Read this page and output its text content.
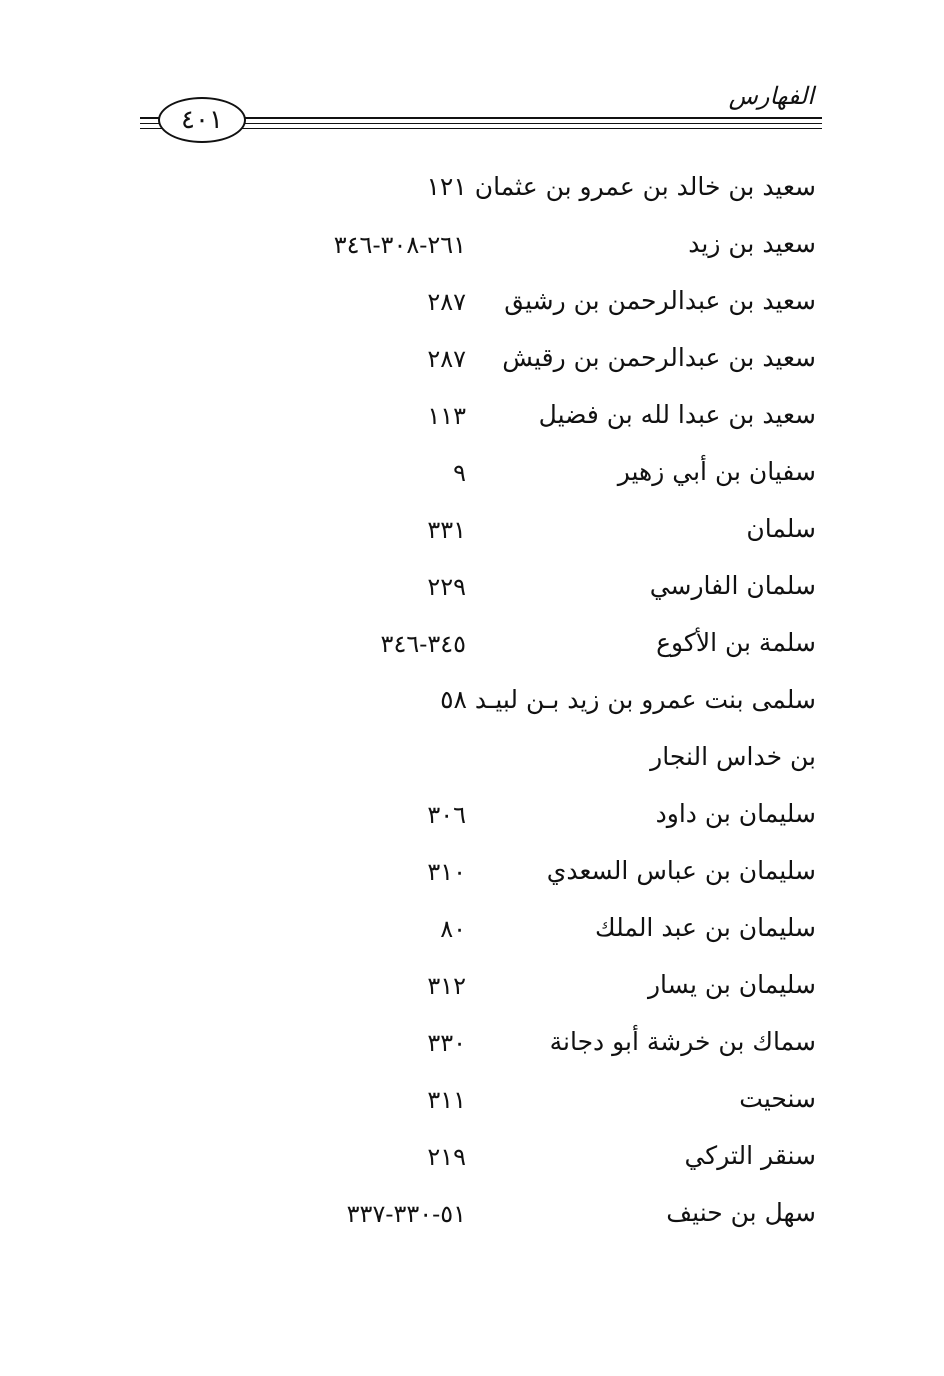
الفهارس
٤٠١
سعيد بن خالد بن عمرو بن عثمان ١٢١
سعيد بن زيد
٢٦١-٣٠٨-٣٤٦
سعيد بن عبدالرحمن بن رشيق
٢٨٧
سعيد بن عبدالرحمن بن رقيش
٢٨٧
سعيد بن عبدا لله بن فضيل
١١٣
سفيان بن أبي زهير
٩
سلمان
٣٣١
سلمان الفارسي
٢٢٩
سلمة بن الأكوع
٣٤٥-٣٤٦
سلمى بنت عمرو بن زيد بـن لبيـد ٥٨
بن خداس النجار
سليمان بن داود
٣٠٦
سليمان بن عباس السعدي
٣١٠
سليمان بن عبد الملك
٨٠
سليمان بن يسار
٣١٢
سماك بن خرشة أبو دجانة
٣٣٠
سنحيت
٣١١
سنقر التركي
٢١٩
سهل بن حنيف
٥١-٣٣٠-٣٣٧
